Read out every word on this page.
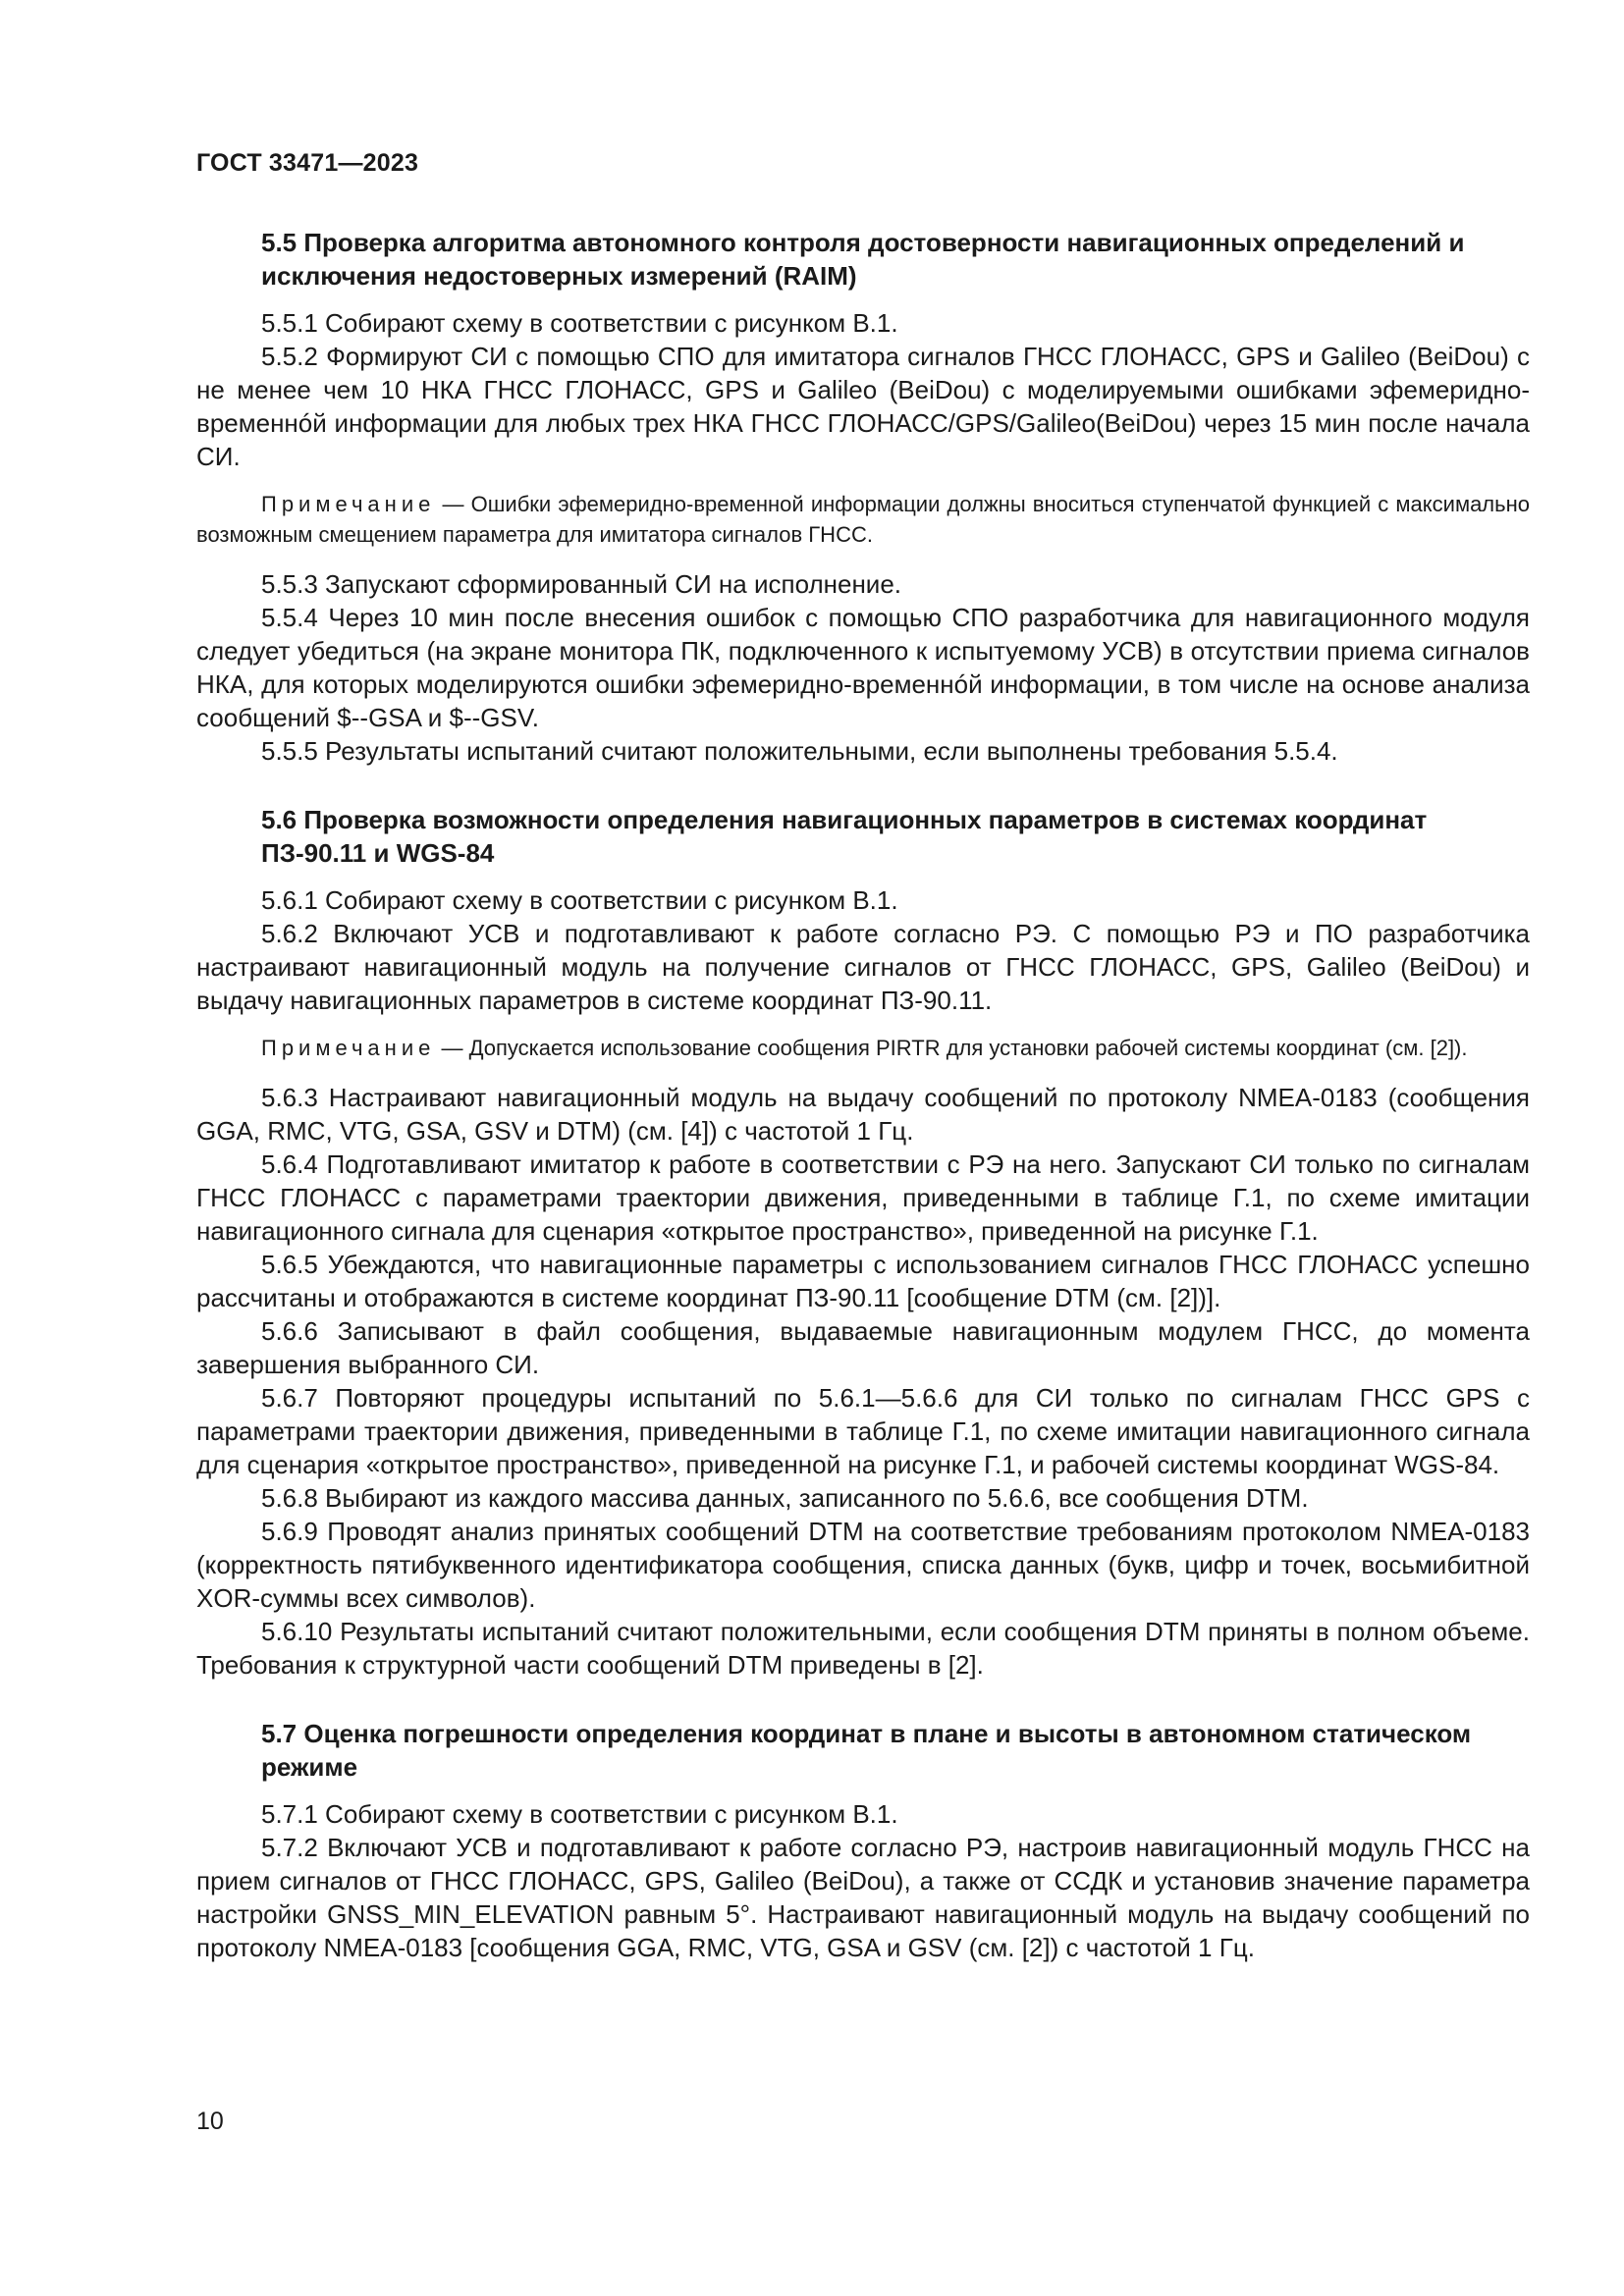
ГОСТ 33471—2023
5.5 Проверка алгоритма автономного контроля достоверности навигационных определений и исключения недостоверных измерений (RAIM)

5.5.1 Собирают схему в соответствии с рисунком В.1.

5.5.2 Формируют СИ с помощью СПО для имитатора сигналов ГНСС ГЛОНАСС, GPS и Galileo (BeiDou) с не менее чем 10 НКА ГНСС ГЛОНАСС, GPS и Galileo (BeiDou) с моделируемыми ошибками эфемеридно-временнóй информации для любых трех НКА ГНСС ГЛОНАСС/GPS/Galileo(BeiDou) через 15 мин после начала СИ.

Примечание — Ошибки эфемеридно-временной информации должны вноситься ступенчатой функцией с максимально возможным смещением параметра для имитатора сигналов ГНСС.

5.5.3 Запускают сформированный СИ на исполнение.

5.5.4 Через 10 мин после внесения ошибок с помощью СПО разработчика для навигационного модуля следует убедиться (на экране монитора ПК, подключенного к испытуемому УСВ) в отсутствии приема сигналов НКА, для которых моделируются ошибки эфемеридно-временнóй информации, в том числе на основе анализа сообщений $--GSA и $--GSV.

5.5.5 Результаты испытаний считают положительными, если выполнены требования 5.5.4.

5.6 Проверка возможности определения навигационных параметров в системах координат ПЗ-90.11 и WGS-84

5.6.1 Собирают схему в соответствии с рисунком В.1.

5.6.2 Включают УСВ и подготавливают к работе согласно РЭ. С помощью РЭ и ПО разработчика настраивают навигационный модуль на получение сигналов от ГНСС ГЛОНАСС, GPS, Galileo (BeiDou) и выдачу навигационных параметров в системе координат ПЗ-90.11.

Примечание — Допускается использование сообщения PIRTR для установки рабочей системы координат (см. [2]).

5.6.3 Настраивают навигационный модуль на выдачу сообщений по протоколу NMEA-0183 (сообщения GGA, RMC, VTG, GSA, GSV и DTM) (см. [4]) с частотой 1 Гц.

5.6.4 Подготавливают имитатор к работе в соответствии с РЭ на него. Запускают СИ только по сигналам ГНСС ГЛОНАСС с параметрами траектории движения, приведенными в таблице Г.1, по схеме имитации навигационного сигнала для сценария «открытое пространство», приведенной на рисунке Г.1.

5.6.5 Убеждаются, что навигационные параметры с использованием сигналов ГНСС ГЛОНАСС успешно рассчитаны и отображаются в системе координат ПЗ-90.11 [сообщение DTM (см. [2])].

5.6.6 Записывают в файл сообщения, выдаваемые навигационным модулем ГНСС, до момента завершения выбранного СИ.

5.6.7 Повторяют процедуры испытаний по 5.6.1—5.6.6 для СИ только по сигналам ГНСС GPS с параметрами траектории движения, приведенными в таблице Г.1, по схеме имитации навигационного сигнала для сценария «открытое пространство», приведенной на рисунке Г.1, и рабочей системы координат WGS-84.

5.6.8 Выбирают из каждого массива данных, записанного по 5.6.6, все сообщения DTM.

5.6.9 Проводят анализ принятых сообщений DTM на соответствие требованиям протоколом NMEA-0183 (корректность пятибуквенного идентификатора сообщения, списка данных (букв, цифр и точек, восьмибитной XOR-суммы всех символов).

5.6.10 Результаты испытаний считают положительными, если сообщения DTM приняты в полном объеме. Требования к структурной части сообщений DTM приведены в [2].

5.7 Оценка погрешности определения координат в плане и высоты в автономном статическом режиме

5.7.1 Собирают схему в соответствии с рисунком В.1.

5.7.2 Включают УСВ и подготавливают к работе согласно РЭ, настроив навигационный модуль ГНСС на прием сигналов от ГНСС ГЛОНАСС, GPS, Galileo (BeiDou), а также от ССДК и установив значение параметра настройки GNSS_MIN_ELEVATION равным 5°. Настраивают навигационный модуль на выдачу сообщений по протоколу NMEA-0183 [сообщения GGA, RMC, VTG, GSA и GSV (см. [2]) с частотой 1 Гц.

10
